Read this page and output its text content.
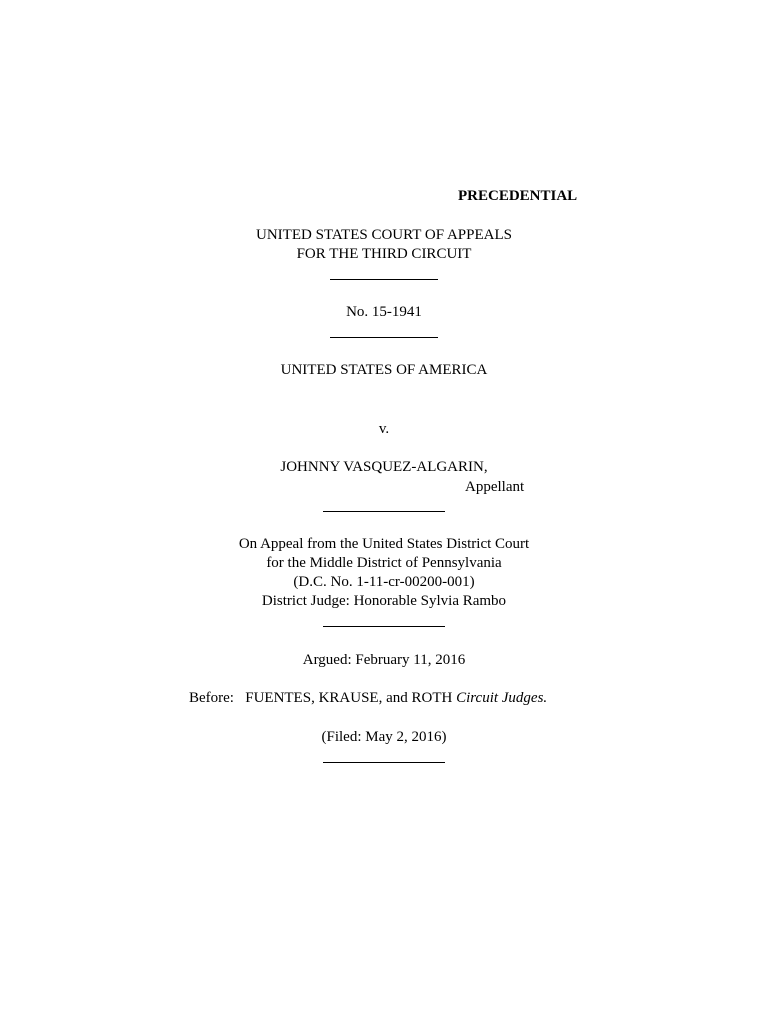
PRECEDENTIAL
UNITED STATES COURT OF APPEALS
FOR THE THIRD CIRCUIT
No. 15-1941
UNITED STATES OF AMERICA
v.
JOHNNY VASQUEZ-ALGARIN,
Appellant
On Appeal from the United States District Court
for the Middle District of Pennsylvania
(D.C. No. 1-11-cr-00200-001)
District Judge: Honorable Sylvia Rambo
Argued: February 11, 2016
Before:   FUENTES, KRAUSE, and ROTH Circuit Judges.
(Filed: May 2, 2016)
